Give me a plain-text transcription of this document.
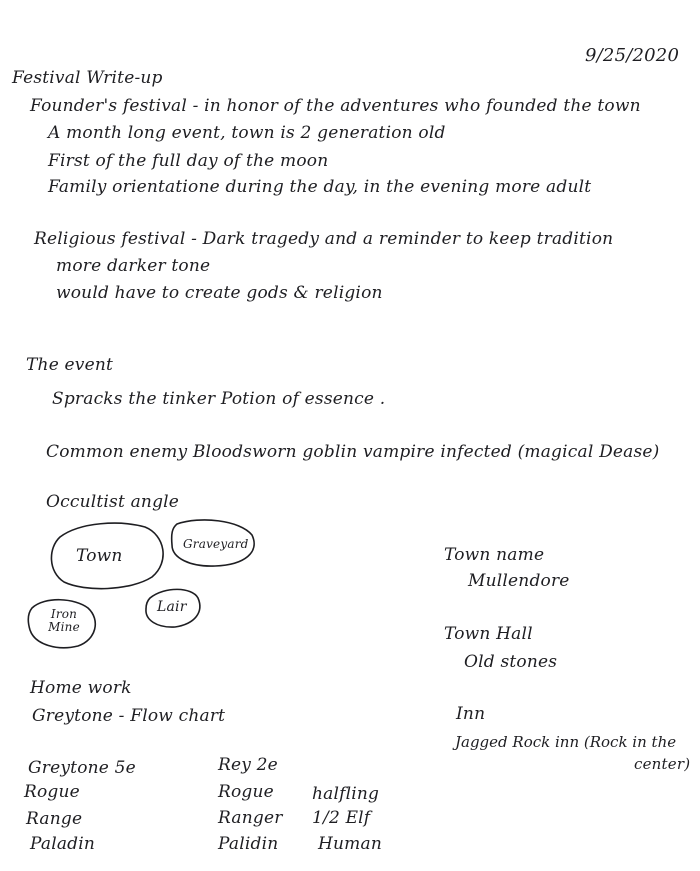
9/25/2020
Festival Write-up
Founder's festival - in honor of the adventures who founded the town
A month long event, town is 2 generation old
First of the full day of the moon
Family orientatione during the day, in the evening more adult
Religious festival - Dark tragedy and a reminder to keep tradition
more darker tone
would have to create gods & religion
The event
Spracks the tinker Potion of essence .
Common enemy Bloodsworn goblin vampire infected (magical Dease)
Occultist angle
Town
Graveyard
Lair
Iron Mine
Town name
Mullendore
Town Hall
Old stones
Inn
Jagged Rock inn (Rock in the
center)
Home work
Greytone - Flow chart
Greytone 5e
Rogue
Range
Paladin
Rey 2e
Rogue
Ranger
Palidin
halfling
1/2 Elf
Human
